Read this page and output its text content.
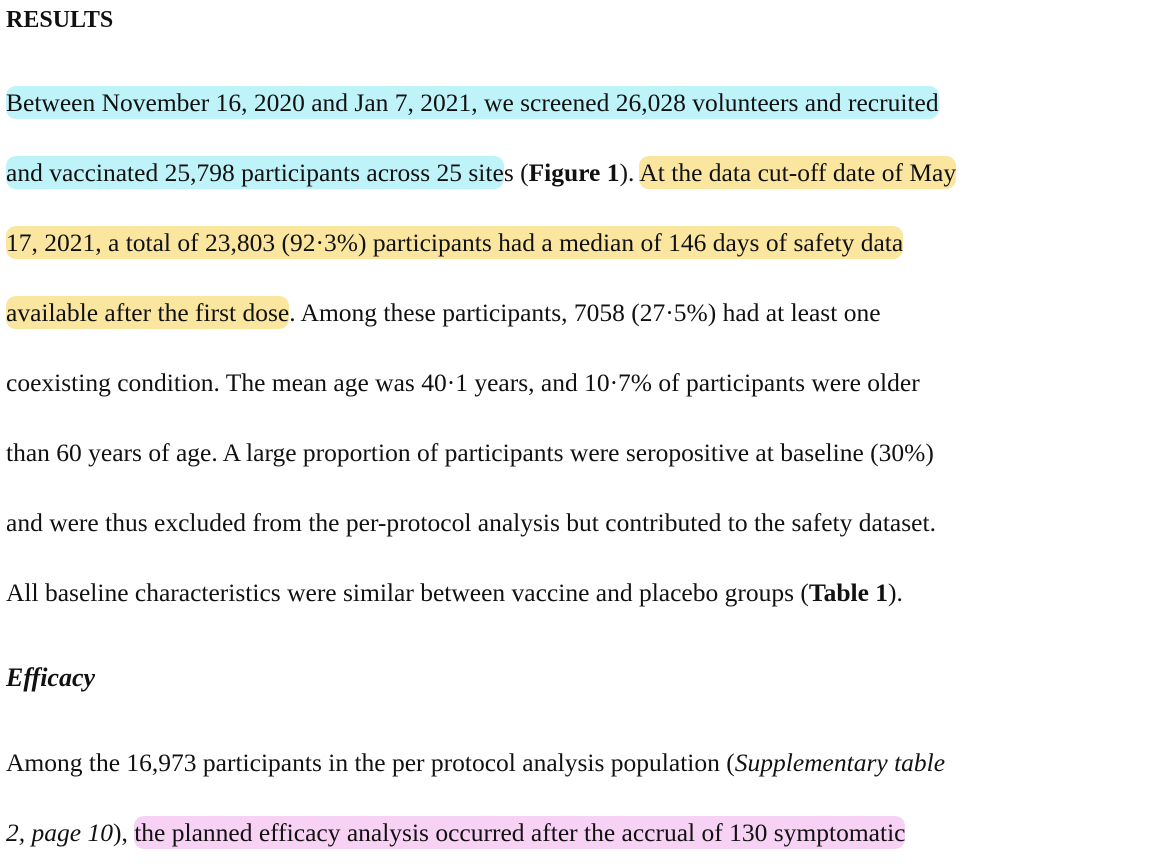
RESULTS
Between November 16, 2020 and Jan 7, 2021, we screened 26,028 volunteers and recruited
and vaccinated 25,798 participants across 25 sites (Figure 1). At the data cut-off date of May
17, 2021, a total of 23,803 (92·3%) participants had a median of 146 days of safety data
available after the first dose. Among these participants, 7058 (27·5%) had at least one
coexisting condition. The mean age was 40·1 years, and 10·7% of participants were older
than 60 years of age. A large proportion of participants were seropositive at baseline (30%)
and were thus excluded from the per-protocol analysis but contributed to the safety dataset.
All baseline characteristics were similar between vaccine and placebo groups (Table 1).
Efficacy
Among the 16,973 participants in the per protocol analysis population (Supplementary table
2, page 10), the planned efficacy analysis occurred after the accrual of 130 symptomatic
